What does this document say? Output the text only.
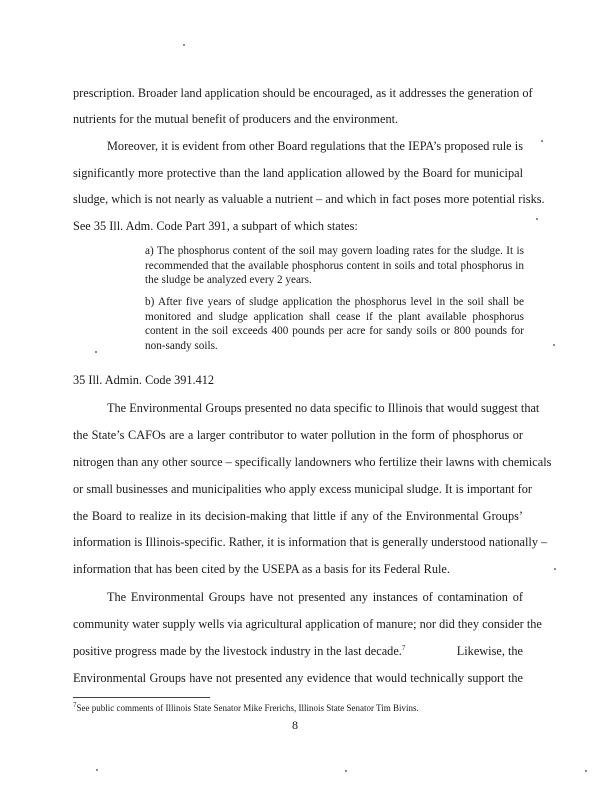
prescription. Broader land application should be encouraged, as it addresses the generation of
nutrients for the mutual benefit of producers and the environment.
Moreover, it is evident from other Board regulations that the IEPA’s proposed rule is
significantly more protective than the land application allowed by the Board for municipal
sludge, which is not nearly as valuable a nutrient – and which in fact poses more potential risks.
See 35 Ill. Adm. Code Part 391, a subpart of which states:
a) The phosphorus content of the soil may govern loading rates for the sludge. It is recommended that the available phosphorus content in soils and total phosphorus in the sludge be analyzed every 2 years.
b) After five years of sludge application the phosphorus level in the soil shall be monitored and sludge application shall cease if the plant available phosphorus content in the soil exceeds 400 pounds per acre for sandy soils or 800 pounds for non-sandy soils.
35 Ill. Admin. Code 391.412
The Environmental Groups presented no data specific to Illinois that would suggest that
the State’s CAFOs are a larger contributor to water pollution in the form of phosphorus or
nitrogen than any other source – specifically landowners who fertilize their lawns with chemicals
or small businesses and municipalities who apply excess municipal sludge. It is important for
the Board to realize in its decision-making that little if any of the Environmental Groups’
information is Illinois-specific. Rather, it is information that is generally understood nationally –
information that has been cited by the USEPA as a basis for its Federal Rule.
The Environmental Groups have not presented any instances of contamination of
community water supply wells via agricultural application of manure; nor did they consider the
positive progress made by the livestock industry in the last decade.$^7$	Likewise, the
Environmental Groups have not presented any evidence that would technically support the
$^7$See public comments of Illinois State Senator Mike Frerichs, Illinois State Senator Tim Bivins.
8
